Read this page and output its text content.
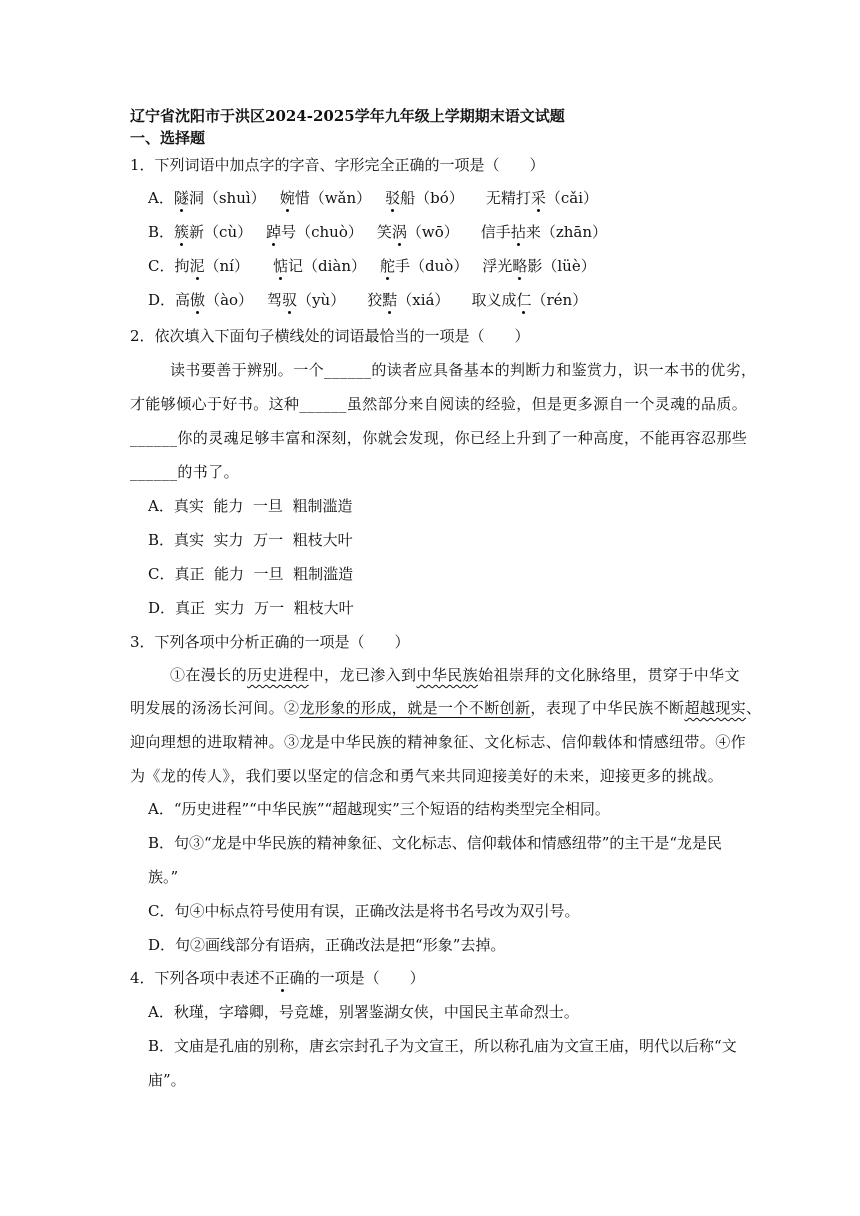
辽宁省沈阳市于洪区2024-2025学年九年级上学期期末语文试题
一、选择题
1．下列词语中加点字的字音、字形完全正确的一项是（　　）
A．隧洞（shuì） 婉惜（wǎn） 驳船（bó） 无精打采（cǎi）
B．簇新（cù） 踔号（chuò） 笑涡（wō） 信手拈来（zhān）
C．拘泥（ní） 惦记（diàn） 舵手（duò） 浮光略影（lüè）
D．高傲（ào） 驾驭（yù） 狡黠（xiá） 取义成仁（rén）
2．依次填入下面句子横线处的词语最恰当的一项是（　　）
读书要善于辨别。一个______的读者应具备基本的判断力和鉴赏力，识一本书的优劣，
才能够倾心于好书。这种______虽然部分来自阅读的经验，但是更多源自一个灵魂的品质。
______你的灵魂足够丰富和深刻，你就会发现，你已经上升到了一种高度，不能再容忍那些
______的书了。
A．真实  能力  一旦  粗制滥造
B．真实  实力  万一  粗枝大叶
C．真正  能力  一旦  粗制滥造
D．真正  实力  万一  粗枝大叶
3．下列各项中分析正确的一项是（　　）
①在漫长的历史进程中，龙已渗入到中华民族始祖崇拜的文化脉络里，贯穿于中华文
明发展的汤汤长河间。②龙形象的形成，就是一个不断创新，表现了中华民族不断超越现实、
迎向理想的进取精神。③龙是中华民族的精神象征、文化标志、信仰载体和情感纽带。④作
为《龙的传人》，我们要以坚定的信念和勇气来共同迎接美好的未来，迎接更多的挑战。
A．“历史进程”“中华民族”“超越现实”三个短语的结构类型完全相同。
B．句③“龙是中华民族的精神象征、文化标志、信仰载体和情感纽带”的主干是“龙是民
族。”
C．句④中标点符号使用有误，正确改法是将书名号改为双引号。
D．句②画线部分有语病，正确改法是把“形象”去掉。
4．下列各项中表述不正确的一项是（　　）
A．秋瑾，字璿卿，号竞雄，别署鉴湖女侠，中国民主革命烈士。
B．文庙是孔庙的别称，唐玄宗封孔子为文宣王，所以称孔庙为文宣王庙，明代以后称“文
庙”。
